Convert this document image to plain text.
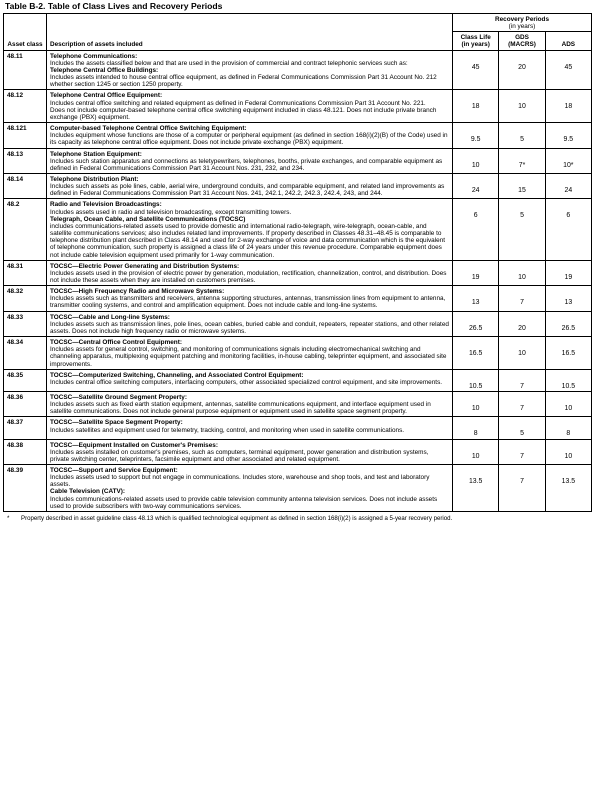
Table B-2. Table of Class Lives and Recovery Periods
Asset class	Description of assets included	Recovery Periods
(in years)		

		Class Life (in years)	GDS (MACRS)	ADS
48.11	Telephone Communications:
Includes the assets classified below and that are used in the provision of commercial and contract telephonic services such as:
Telephone Central Office Buildings:
Includes assets intended to house central office equipment, as defined in Federal Communications Commission Part 31 Account No. 212 whether section 1245 or section 1250 property.	45	20	45
48.12	Telephone Central Office Equipment:
Includes central office switching and related equipment as defined in Federal Communications Commission Part 31 Account No. 221.
Does not include computer-based telephone central office switching equipment included in class 48.121. Does not include private branch exchange (PBX) equipment.	18	10	18
48.121	Computer-based Telephone Central Office Switching Equipment:
Includes equipment whose functions are those of a computer or peripheral equipment (as defined in section 168(i)(2)(B) of the Code) used in its capacity as telephone central office equipment. Does not include private exchange (PBX) equipment.	9.5	5	9.5
48.13	Telephone Station Equipment:
Includes such station apparatus and connections as teletypewriters, telephones, booths, private exchanges, and comparable equipment as defined in Federal Communications Commission Part 31 Account Nos. 231, 232, and 234.	10	7*	10*
48.14	Telephone Distribution Plant:
Includes such assets as pole lines, cable, aerial wire, underground conduits, and comparable equipment, and related land improvements as defined in Federal Communications Commission Part 31 Account Nos. 241, 242.1, 242.2, 242.3, 242.4, 243, and 244.	24	15	24
48.2	Radio and Television Broadcastings:
Includes assets used in radio and television broadcasting, except transmitting towers.
Telegraph, Ocean Cable, and Satellite Communications (TOCSC)
includes communications-related assets used to provide domestic and international radio-telegraph, wire-telegraph, ocean-cable, and satellite communications services; also includes related land improvements. If property described in Classes 48.31–48.45 is comparable to telephone distribution plant described in Class 48.14 and used for 2-way exchange of voice and data communication which is the equivalent of telephone communication, such property is assigned a class life of 24 years under this revenue procedure. Comparable equipment does not include cable television equipment used primarily for 1-way communication.	6	5	6
48.31	TOCSC—Electric Power Generating and Distribution Systems:
Includes assets used in the provision of electric power by generation, modulation, rectification, channelization, control, and distribution. Does not include these assets when they are installed on customers premises.	19	10	19
48.32	TOCSC—High Frequency Radio and Microwave Systems:
Includes assets such as transmitters and receivers, antenna supporting structures, antennas, transmission lines from equipment to antenna, transmitter cooling systems, and control and amplification equipment. Does not include cable and long-line systems.	13	7	13
48.33	TOCSC—Cable and Long-line Systems:
Includes assets such as transmission lines, pole lines, ocean cables, buried cable and conduit, repeaters, repeater stations, and other related assets. Does not include high frequency radio or microwave systems.	26.5	20	26.5
48.34	TOCSC—Central Office Control Equipment:
Includes assets for general control, switching, and monitoring of communications signals including electromechanical switching and channeling apparatus, multiplexing equipment patching and monitoring facilities, in-house cabling, teleprinter equipment, and associated site improvements.	16.5	10	16.5
48.35	TOCSC—Computerized Switching, Channeling, and Associated Control Equipment:
Includes central office switching computers, interfacing computers, other associated specialized control equipment, and site improvements.	10.5	7	10.5
48.36	TOCSC—Satellite Ground Segment Property:
Includes assets such as fixed earth station equipment, antennas, satellite communications equipment, and interface equipment used in satellite communications. Does not include general purpose equipment or equipment used in satellite space segment property.	10	7	10
48.37	TOCSC—Satellite Space Segment Property:
Includes satellites and equipment used for telemetry, tracking, control, and monitoring when used in satellite communications.	8	5	8
48.38	TOCSC—Equipment Installed on Customer's Premises:
Includes assets installed on customer's premises, such as computers, terminal equipment, power generation and distribution systems, private switching center, teleprinters, facsimile equipment and other associated and related equipment.	10	7	10
48.39	TOCSC—Support and Service Equipment:
Includes assets used to support but not engage in communications. Includes store, warehouse and shop tools, and test and laboratory assets.
Cable Television (CATV):
Includes communications-related assets used to provide cable television community antenna television services. Does not include assets used to provide subscribers with two-way communications services.	13.5	7	13.5
*	Property described in asset guideline class 48.13 which is qualified technological equipment as defined in section 168(i)(2) is assigned a 5-year recovery period.
